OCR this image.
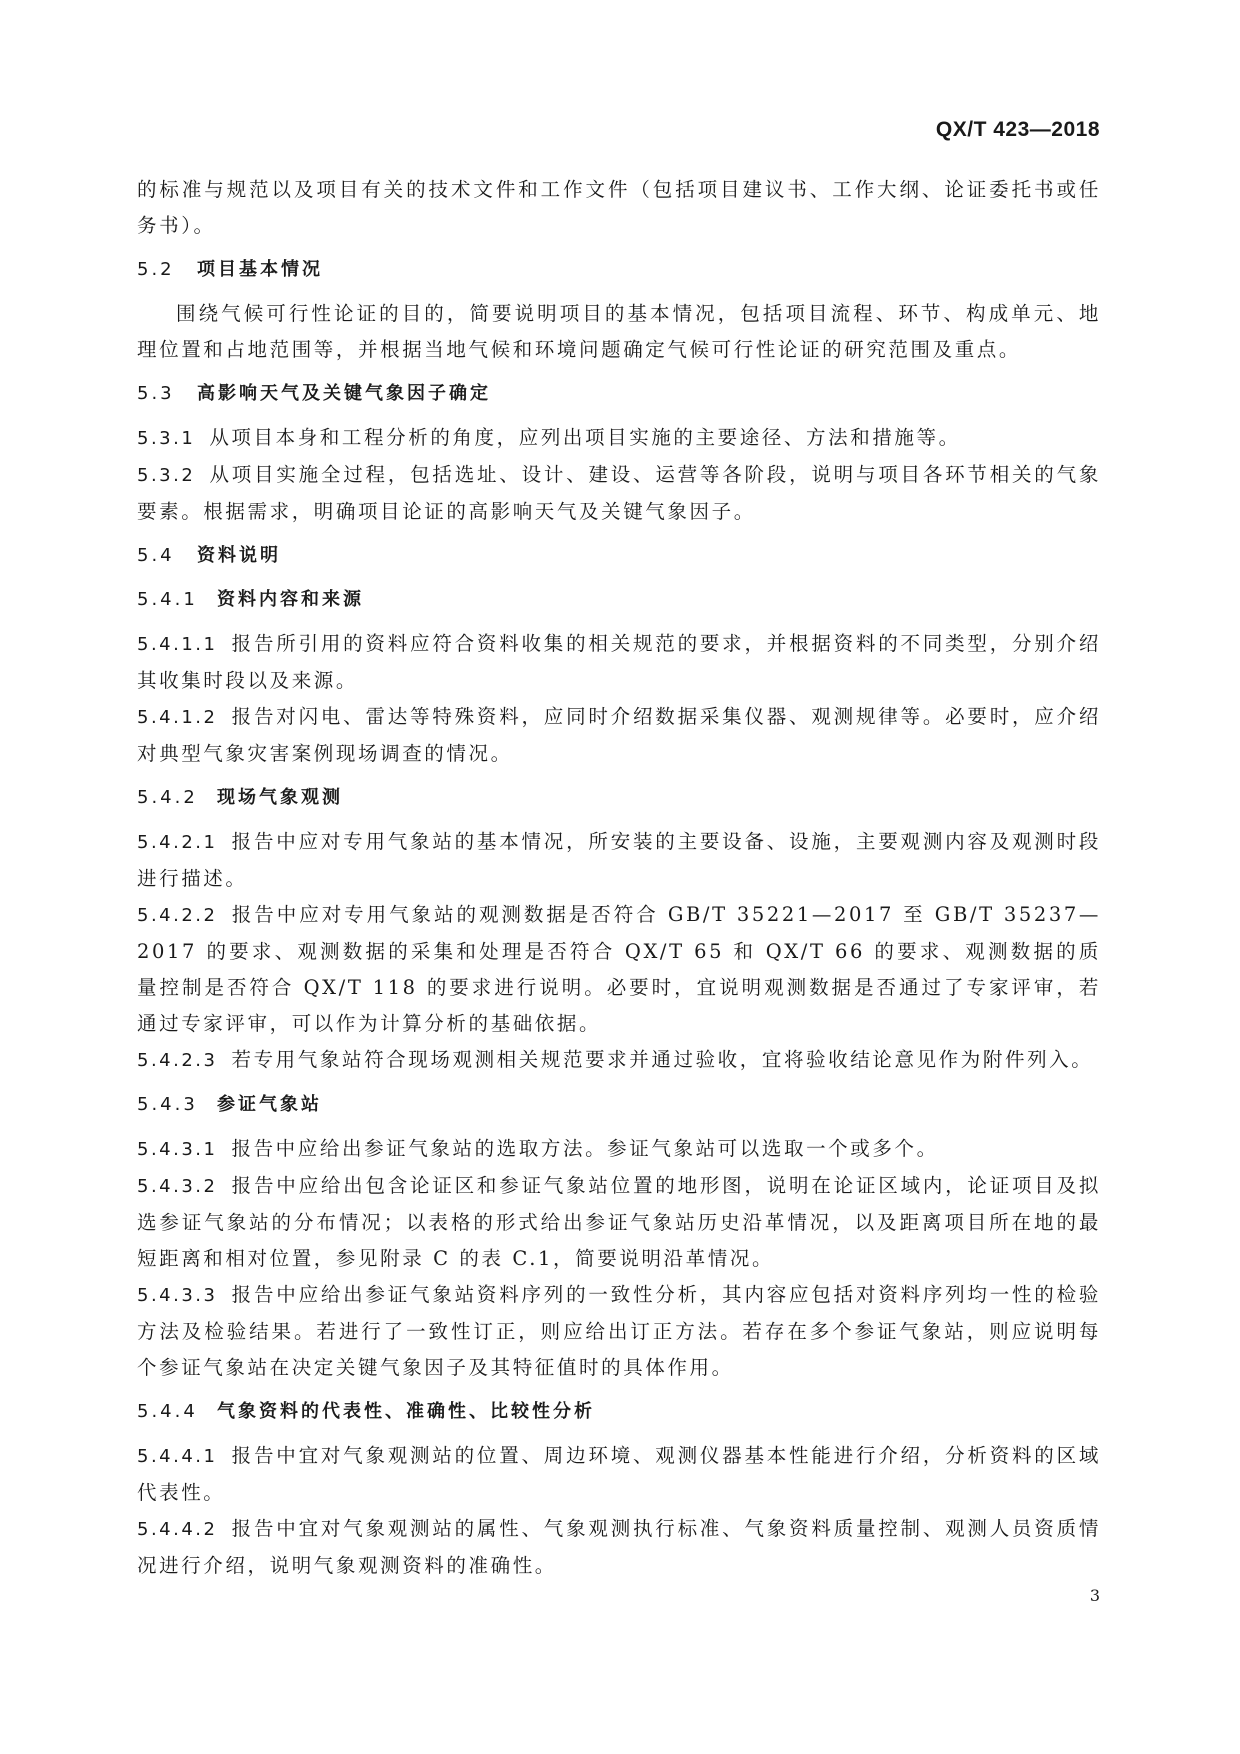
QX/T 423—2018

的标准与规范以及项目有关的技术文件和工作文件（包括项目建议书、工作大纲、论证委托书或任务书）。

5.2 项目基本情况

围绕气候可行性论证的目的，简要说明项目的基本情况，包括项目流程、环节、构成单元、地理位置和占地范围等，并根据当地气候和环境问题确定气候可行性论证的研究范围及重点。

5.3 高影响天气及关键气象因子确定

5.3.1 从项目本身和工程分析的角度，应列出项目实施的主要途径、方法和措施等。

5.3.2 从项目实施全过程，包括选址、设计、建设、运营等各阶段，说明与项目各环节相关的气象要素。根据需求，明确项目论证的高影响天气及关键气象因子。

5.4 资料说明
5.4.1 资料内容和来源

5.4.1.1 报告所引用的资料应符合资料收集的相关规范的要求，并根据资料的不同类型，分别介绍其收集时段以及来源。

5.4.1.2 报告对闪电、雷达等特殊资料，应同时介绍数据采集仪器、观测规律等。必要时，应介绍对典型气象灾害案例现场调查的情况。

5.4.2 现场气象观测

5.4.2.1 报告中应对专用气象站的基本情况，所安装的主要设备、设施，主要观测内容及观测时段进行描述。

5.4.2.2 报告中应对专用气象站的观测数据是否符合 GB/T 35221—2017 至 GB/T 35237—2017 的要求、观测数据的采集和处理是否符合 QX/T 65 和 QX/T 66 的要求、观测数据的质量控制是否符合 QX/T 118 的要求进行说明。必要时，宜说明观测数据是否通过了专家评审，若通过专家评审，可以作为计算分析的基础依据。

5.4.2.3 若专用气象站符合现场观测相关规范要求并通过验收，宜将验收结论意见作为附件列入。

5.4.3 参证气象站

5.4.3.1 报告中应给出参证气象站的选取方法。参证气象站可以选取一个或多个。

5.4.3.2 报告中应给出包含论证区和参证气象站位置的地形图，说明在论证区域内，论证项目及拟选参证气象站的分布情况；以表格的形式给出参证气象站历史沿革情况，以及距离项目所在地的最短距离和相对位置，参见附录 C 的表 C.1，简要说明沿革情况。

5.4.3.3 报告中应给出参证气象站资料序列的一致性分析，其内容应包括对资料序列均一性的检验方法及检验结果。若进行了一致性订正，则应给出订正方法。若存在多个参证气象站，则应说明每个参证气象站在决定关键气象因子及其特征值时的具体作用。

5.4.4 气象资料的代表性、准确性、比较性分析

5.4.4.1 报告中宜对气象观测站的位置、周边环境、观测仪器基本性能进行介绍，分析资料的区域代表性。

5.4.4.2 报告中宜对气象观测站的属性、气象观测执行标准、气象资料质量控制、观测人员资质情况进行介绍，说明气象观测资料的准确性。

3
